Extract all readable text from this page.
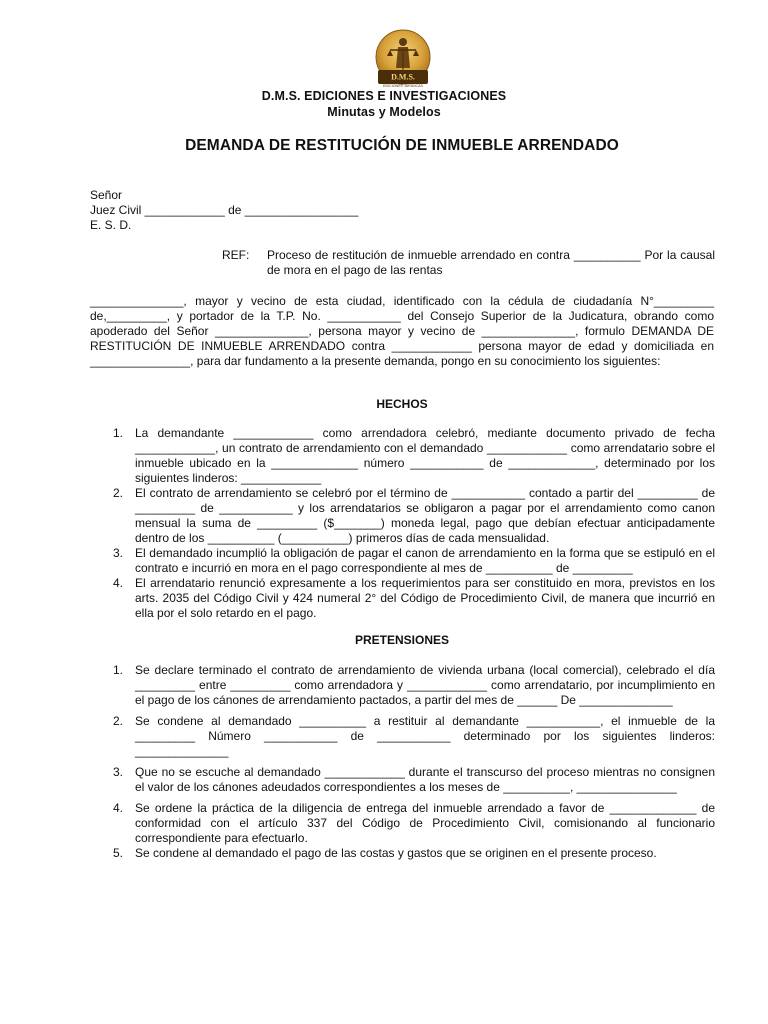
D.M.S.
EDICIONES JURIDICAS
D.M.S. EDICIONES E INVESTIGACIONES
Minutas y Modelos
DEMANDA DE RESTITUCIÓN DE INMUEBLE ARRENDADO
Señor
Juez Civil ____________ de _________________
E. S. D.
REF: Proceso de restitución de inmueble arrendado en contra __________ Por la causal de mora en el pago de las rentas
______________, mayor y vecino de esta ciudad, identificado con la cédula de ciudadanía N°_________ de,_________, y portador de la T.P. No. ___________ del Consejo Superior de la Judicatura, obrando como apoderado del Señor ______________, persona mayor y vecino de ______________, formulo DEMANDA DE RESTITUCIÓN DE INMUEBLE ARRENDADO contra ____________ persona mayor de edad y domiciliada en _______________, para dar fundamento a la presente demanda, pongo en su conocimiento los siguientes:
HECHOS
1. La demandante ____________ como arrendadora celebró, mediante documento privado de fecha ____________, un contrato de arrendamiento con el demandado ____________ como arrendatario sobre el inmueble ubicado en la _____________ número ___________ de _____________, determinado por los siguientes linderos: ____________
2. El contrato de arrendamiento se celebró por el término de ___________ contado a partir del _________ de _________ de ___________ y los arrendatarios se obligaron a pagar por el arrendamiento como canon mensual la suma de _________ ($_______) moneda legal, pago que debían efectuar anticipadamente dentro de los __________ (__________) primeros días de cada mensualidad.
3. El demandado incumplió la obligación de pagar el canon de arrendamiento en la forma que se estipuló en el contrato e incurrió en mora en el pago correspondiente al mes de __________ de _________
4. El arrendatario renunció expresamente a los requerimientos para ser constituido en mora, previstos en los arts. 2035 del Código Civil y 424 numeral 2° del Código de Procedimiento Civil, de manera que incurrió en ella por el solo retardo en el pago.
PRETENSIONES
1. Se declare terminado el contrato de arrendamiento de vivienda urbana (local comercial), celebrado el día _________ entre _________ como arrendadora y ____________ como arrendatario, por incumplimiento en el pago de los cánones de arrendamiento pactados, a partir del mes de ______ De ______________
2. Se condene al demandado __________ a restituir al demandante ___________, el inmueble de la _________ Número ___________ de ___________ determinado por los siguientes linderos: ______________
3. Que no se escuche al demandado ____________ durante el transcurso del proceso mientras no consignen el valor de los cánones adeudados correspondientes a los meses de __________, _______________
4. Se ordene la práctica de la diligencia de entrega del inmueble arrendado a favor de _____________ de conformidad con el artículo 337 del Código de Procedimiento Civil, comisionando al funcionario correspondiente para efectuarlo.
5. Se condene al demandado el pago de las costas y gastos que se originen en el presente proceso.
